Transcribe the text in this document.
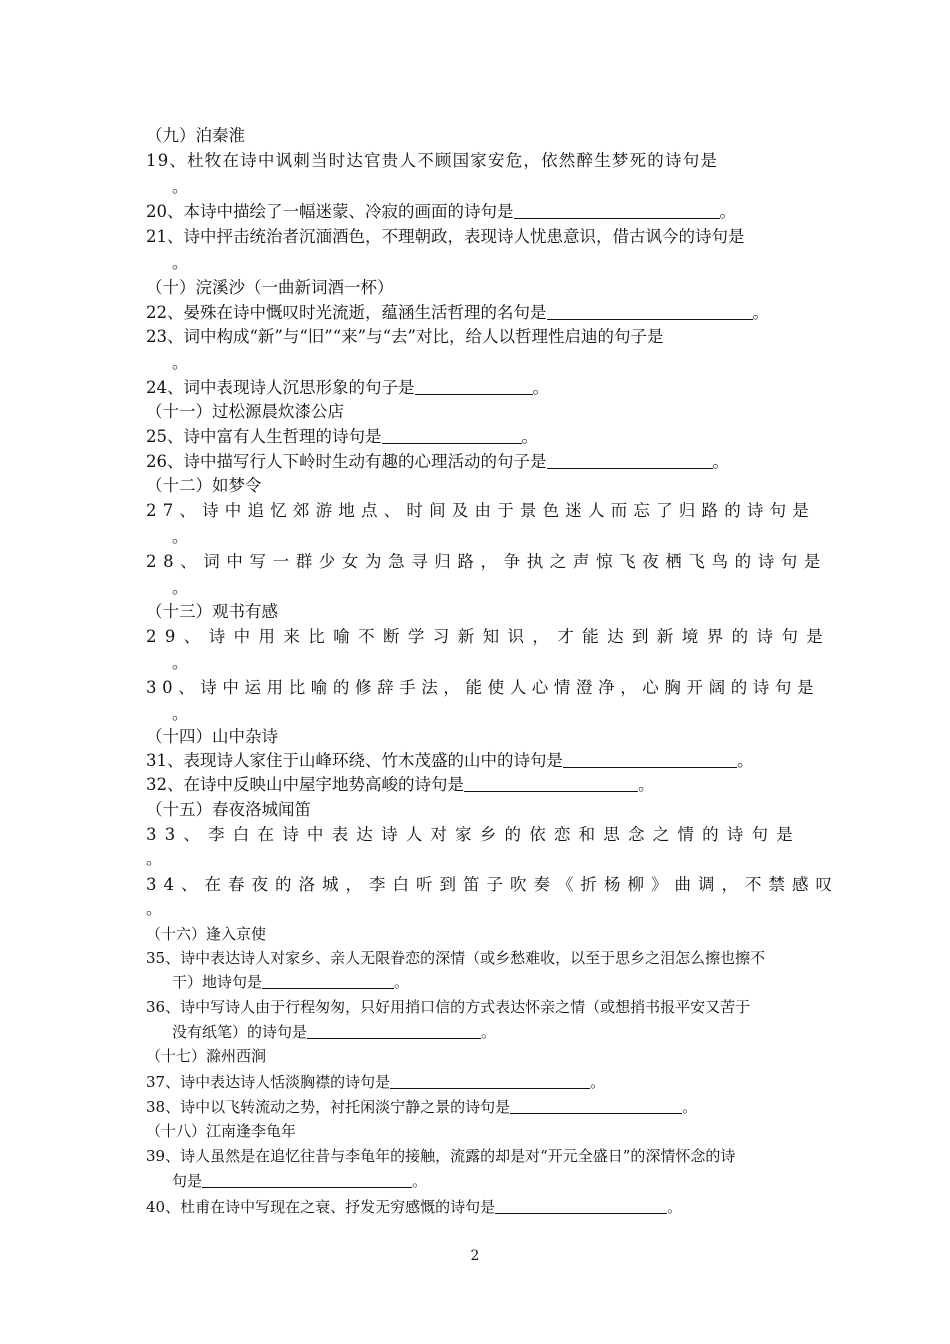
（九）泊秦淮
19、杜牧在诗中讽刺当时达官贵人不顾国家安危，依然醉生梦死的诗句是
。
20、本诗中描绘了一幅迷蒙、冷寂的画面的诗句是	。
21、诗中抨击统治者沉湎酒色，不理朝政，表现诗人忧患意识，借古讽今的诗句是
。
（十）浣溪沙（一曲新词酒一杯）
22、晏殊在诗中慨叹时光流逝，蕴涵生活哲理的名句是	。
23、词中构成“新”与“旧”“来”与“去”对比，给人以哲理性启迪的句子是
。
24、词中表现诗人沉思形象的句子是	。
（十一）过松源晨炊漆公店
25、诗中富有人生哲理的诗句是	。
26、诗中描写行人下岭时生动有趣的心理活动的句子是	。
（十二）如梦令
27、诗中追忆郊游地点、时间及由于景色迷人而忘了归路的诗句是
。
28、词中写一群少女为急寻归路，争执之声惊飞夜栖飞鸟的诗句是
。
（十三）观书有感
29、诗中用来比喻不断学习新知识，才能达到新境界的诗句是
。
30、诗中运用比喻的修辞手法，能使人心情澄净，心胸开阔的诗句是
。
（十四）山中杂诗
31、表现诗人家住于山峰环绕、竹木茂盛的山中的诗句是	。
32、在诗中反映山中屋宇地势高峻的诗句是	。
（十五）春夜洛城闻笛
33、李白在诗中表达诗人对家乡的依恋和思念之情的诗句是
。
34、在春夜的洛城，李白听到笛子吹奏《折杨柳》曲调，不禁感叹
。
（十六）逢入京使
35、诗中表达诗人对家乡、亲人无限眷恋的深情（或乡愁难收，以至于思乡之泪怎么擦也擦不
干）地诗句是	。
36、诗中写诗人由于行程匆匆，只好用捎口信的方式表达怀亲之情（或想捎书报平安又苦于
没有纸笔）的诗句是	。
（十七）滁州西涧
37、诗中表达诗人恬淡胸襟的诗句是	。
38、诗中以飞转流动之势，衬托闲淡宁静之景的诗句是	。
（十八）江南逢李龟年
39、诗人虽然是在追忆往昔与李龟年的接触，流露的却是对“开元全盛日”的深情怀念的诗
句是	。
40、杜甫在诗中写现在之衰、抒发无穷感慨的诗句是	。
2
